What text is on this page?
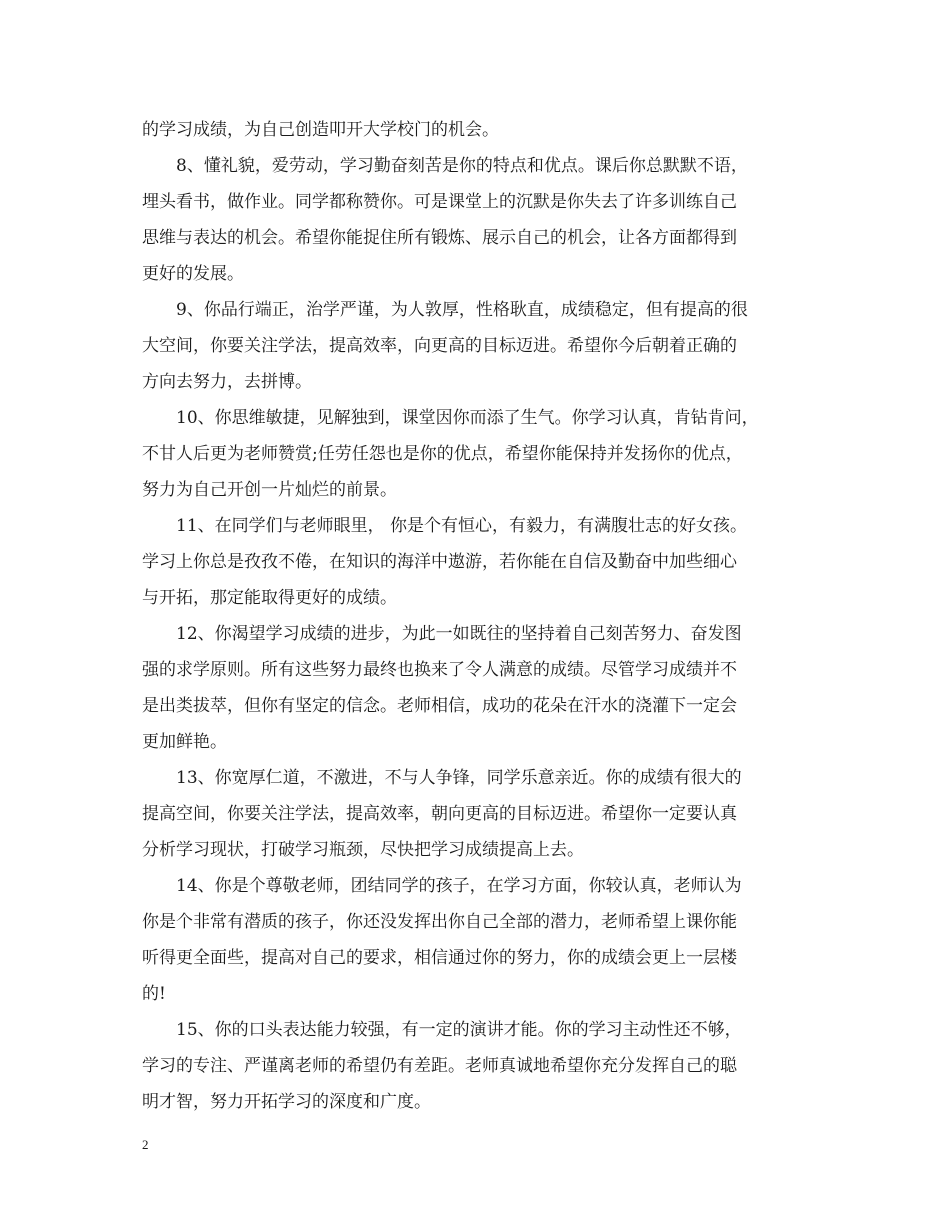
的学习成绩，为自己创造叩开大学校门的机会。
8、懂礼貌，爱劳动，学习勤奋刻苦是你的特点和优点。课后你总默默不语，
埋头看书，做作业。同学都称赞你。可是课堂上的沉默是你失去了许多训练自己
思维与表达的机会。希望你能捉住所有锻炼、展示自己的机会，让各方面都得到
更好的发展。
9、你品行端正，治学严谨，为人敦厚，性格耿直，成绩稳定，但有提高的很
大空间，你要关注学法，提高效率，向更高的目标迈进。希望你今后朝着正确的
方向去努力，去拼博。
10、你思维敏捷，见解独到，课堂因你而添了生气。你学习认真，肯钻肯问，
不甘人后更为老师赞赏;任劳任怨也是你的优点，希望你能保持并发扬你的优点，
努力为自己开创一片灿烂的前景。
11、在同学们与老师眼里， 你是个有恒心，有毅力，有满腹壮志的好女孩。
学习上你总是孜孜不倦，在知识的海洋中遨游，若你能在自信及勤奋中加些细心
与开拓，那定能取得更好的成绩。
12、你渴望学习成绩的进步，为此一如既往的坚持着自己刻苦努力、奋发图
强的求学原则。所有这些努力最终也换来了令人满意的成绩。尽管学习成绩并不
是出类拔萃，但你有坚定的信念。老师相信，成功的花朵在汗水的浇灌下一定会
更加鲜艳。
13、你宽厚仁道，不激进，不与人争锋，同学乐意亲近。你的成绩有很大的
提高空间，你要关注学法，提高效率，朝向更高的目标迈进。希望你一定要认真
分析学习现状，打破学习瓶颈，尽快把学习成绩提高上去。
14、你是个尊敬老师，团结同学的孩子，在学习方面，你较认真，老师认为
你是个非常有潜质的孩子，你还没发挥出你自己全部的潜力，老师希望上课你能
听得更全面些，提高对自己的要求，相信通过你的努力，你的成绩会更上一层楼
的!
15、你的口头表达能力较强，有一定的演讲才能。你的学习主动性还不够，
学习的专注、严谨离老师的希望仍有差距。老师真诚地希望你充分发挥自己的聪
明才智，努力开拓学习的深度和广度。
2
